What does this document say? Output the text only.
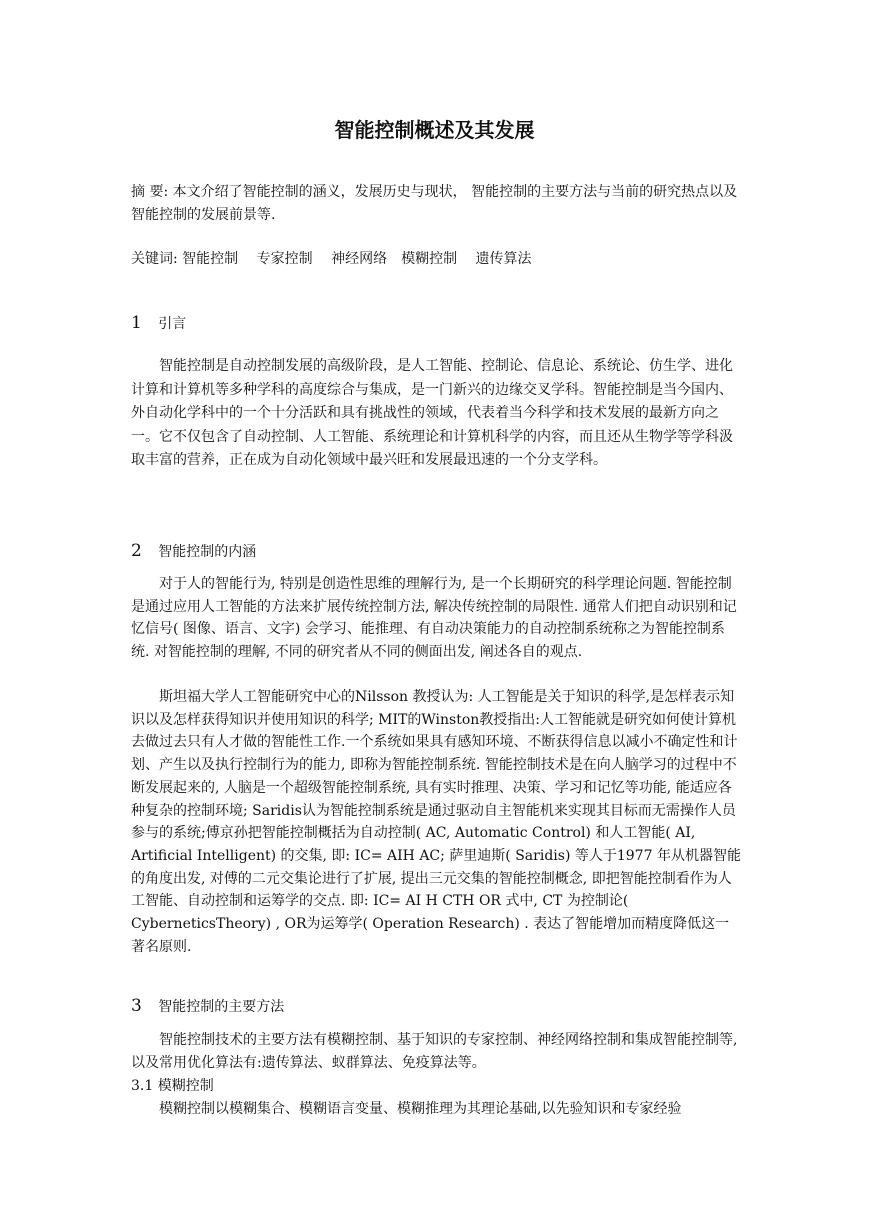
智能控制概述及其发展

摘 要: 本文介绍了智能控制的涵义，发展历史与现状， 智能控制的主要方法与当前的研究热点以及智能控制的发展前景等.

关键词: 智能控制 专家控制 神经网络 模糊控制 遗传算法
1 引言

智能控制是自动控制发展的高级阶段，是人工智能、控制论、信息论、系统论、仿生学、进化计算和计算机等多种学科的高度综合与集成，是一门新兴的边缘交叉学科。智能控制是当今国内、外自动化学科中的一个十分活跃和具有挑战性的领域，代表着当今科学和技术发展的最新方向之一。它不仅包含了自动控制、人工智能、系统理论和计算机科学的内容，而且还从生物学等学科汲取丰富的营养，正在成为自动化领域中最兴旺和发展最迅速的一个分支学科。

2 智能控制的内涵

对于人的智能行为, 特别是创造性思维的理解行为, 是一个长期研究的科学理论问题. 智能控制是通过应用人工智能的方法来扩展传统控制方法, 解决传统控制的局限性. 通常人们把自动识别和记忆信号( 图像、语言、文字) 会学习、能推理、有自动决策能力的自动控制系统称之为智能控制系统. 对智能控制的理解, 不同的研究者从不同的侧面出发, 阐述各自的观点.

斯坦福大学人工智能研究中心的Nilsson 教授认为: 人工智能是关于知识的科学,是怎样表示知识以及怎样获得知识并使用知识的科学; MIT的Winston教授指出:人工智能就是研究如何使计算机去做过去只有人才做的智能性工作.一个系统如果具有感知环境、不断获得信息以减小不确定性和计划、产生以及执行控制行为的能力, 即称为智能控制系统. 智能控制技术是在向人脑学习的过程中不断发展起来的, 人脑是一个超级智能控制系统, 具有实时推理、决策、学习和记忆等功能, 能适应各种复杂的控制环境; Saridis认为智能控制系统是通过驱动自主智能机来实现其目标而无需操作人员参与的系统;傅京孙把智能控制概括为自动控制( AC, Automatic Control) 和人工智能( AI, Artificial Intelligent) 的交集, 即: IC= AIH AC; 萨里迪斯( Saridis) 等人于1977 年从机器智能的角度出发, 对傅的二元交集论进行了扩展, 提出三元交集的智能控制概念, 即把智能控制看作为人工智能、自动控制和运筹学的交点. 即: IC= AI H CTH OR 式中, CT 为控制论( CyberneticsTheory) , OR为运筹学( Operation Research) . 表达了智能增加而精度降低这一著名原则.

3 智能控制的主要方法

智能控制技术的主要方法有模糊控制、基于知识的专家控制、神经网络控制和集成智能控制等,以及常用优化算法有:遗传算法、蚁群算法、免疫算法等。

3.1 模糊控制

模糊控制以模糊集合、模糊语言变量、模糊推理为其理论基础,以先验知识和专家经验
